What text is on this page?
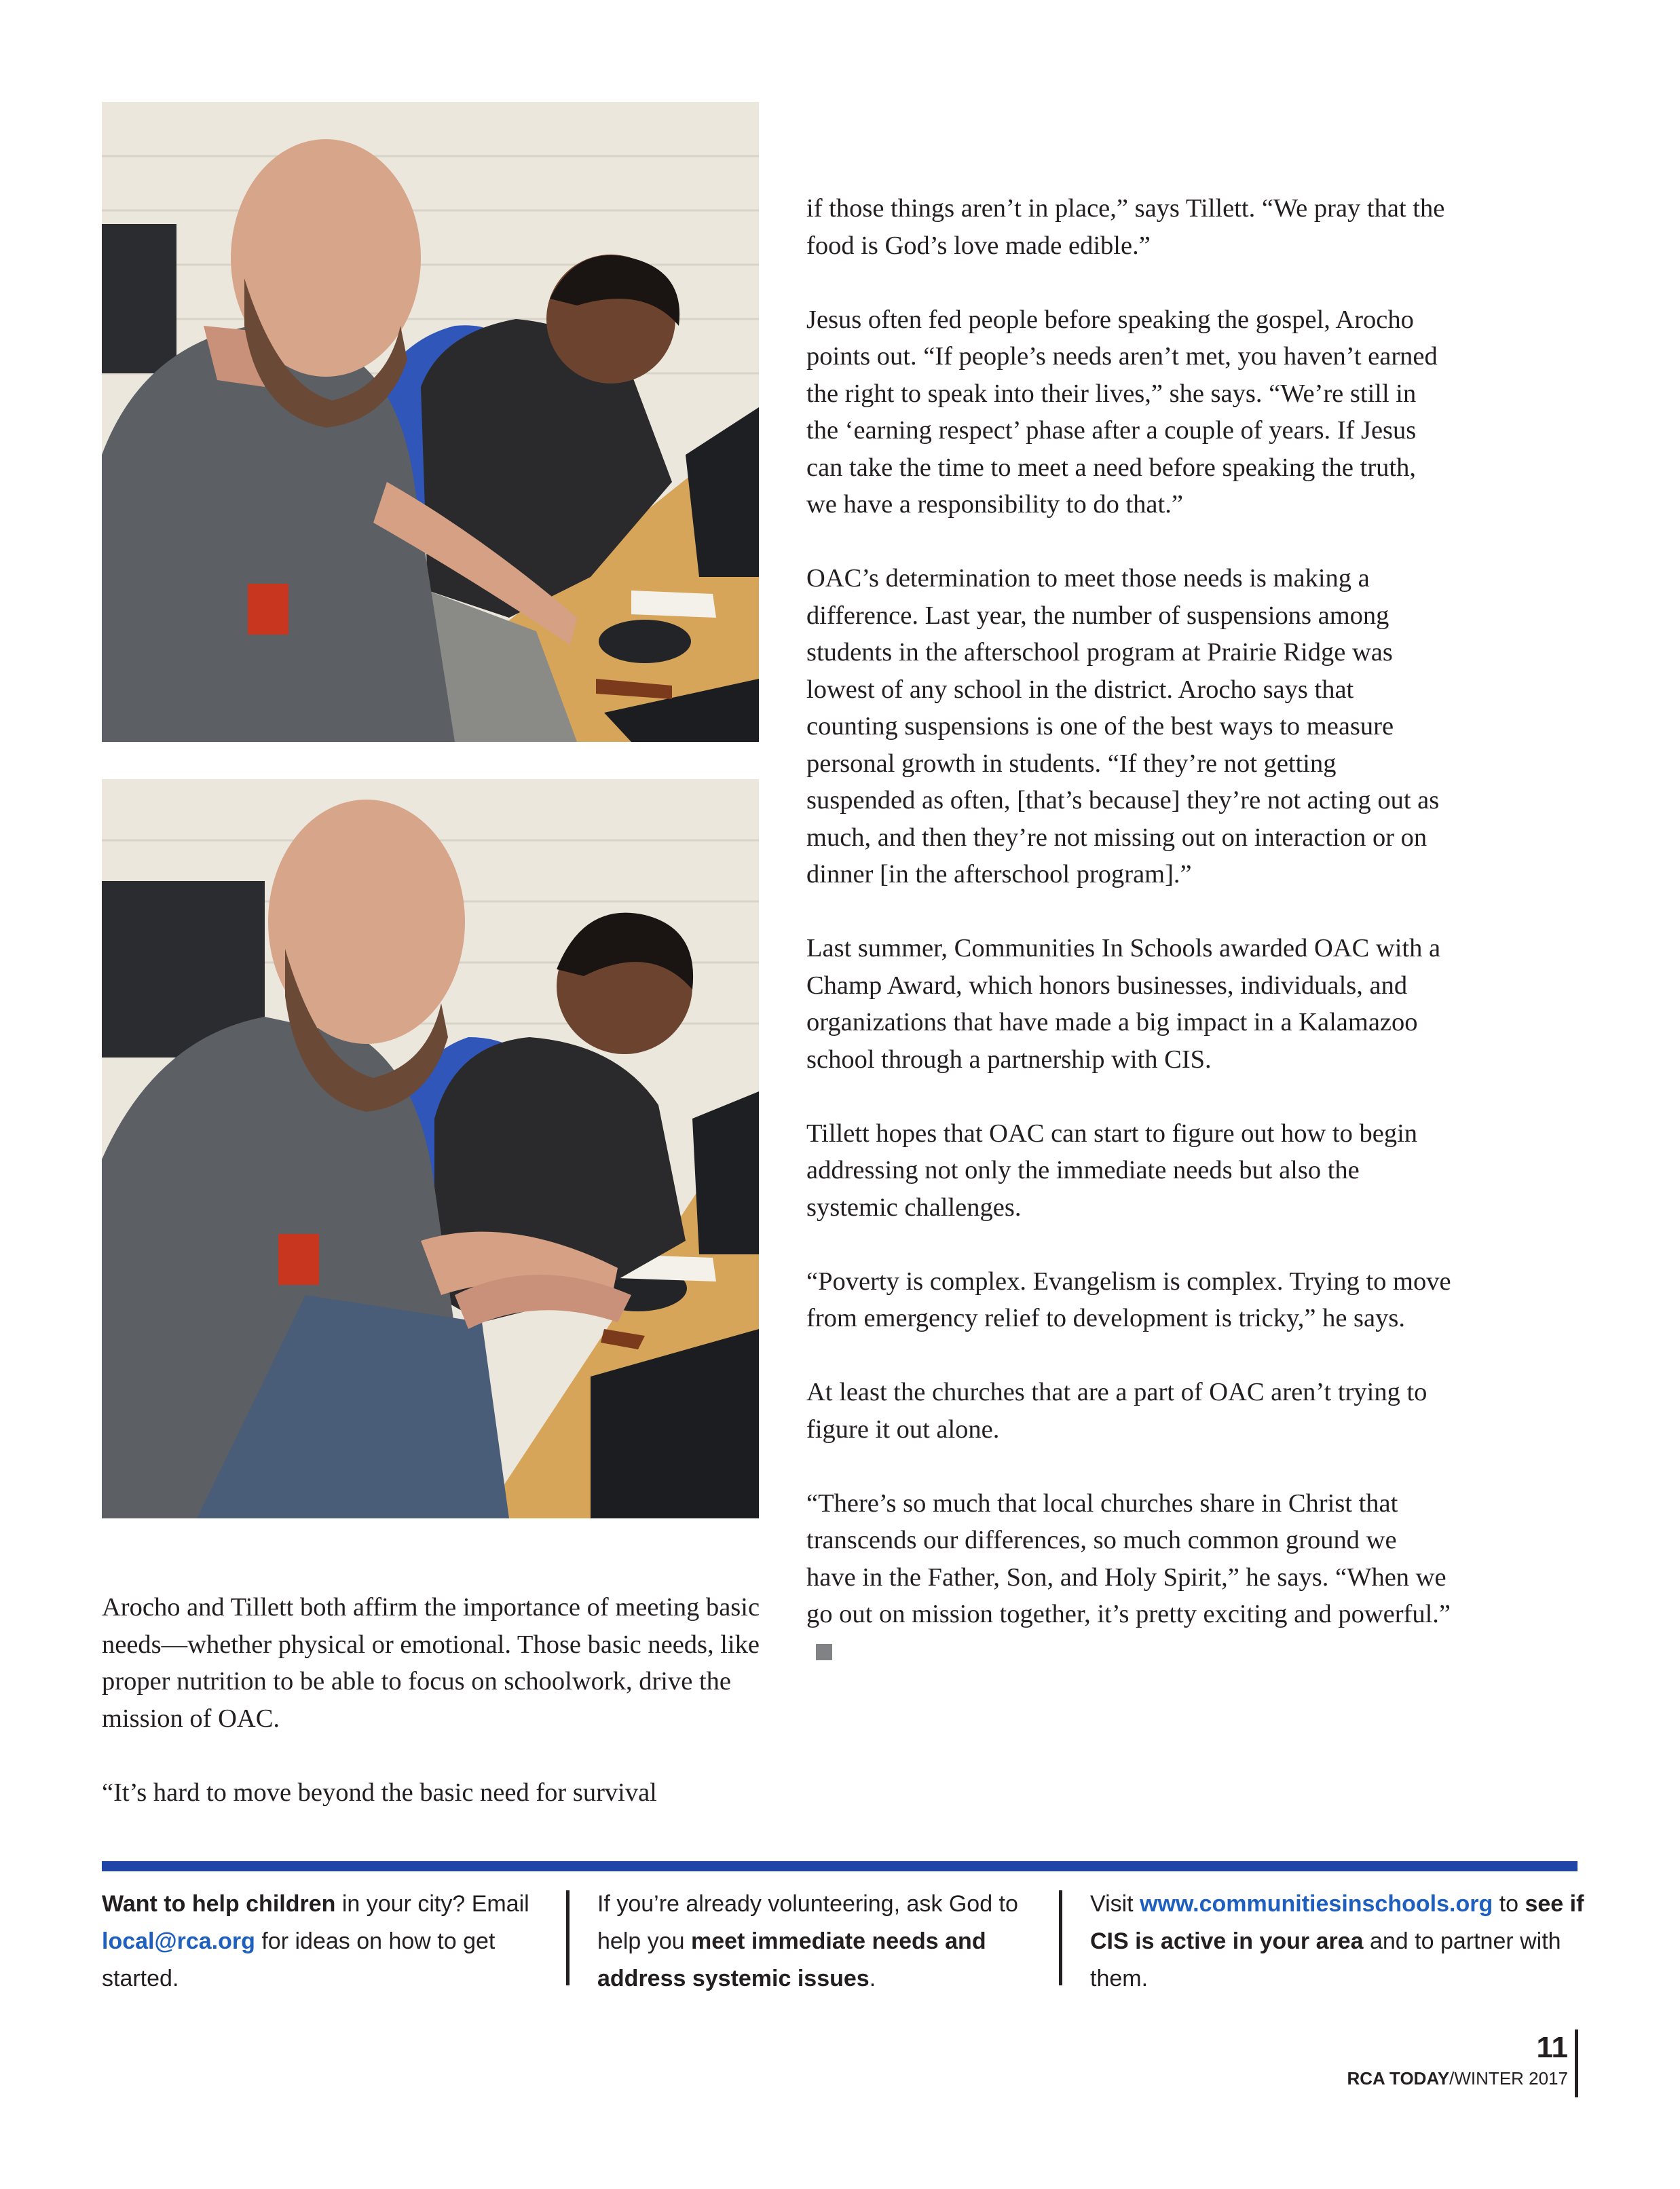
Arocho and Tillett both affirm the importance of meeting basic needs—whether physical or emotional. Those basic needs, like proper nutrition to be able to focus on schoolwork, drive the mission of OAC.

“It’s hard to move beyond the basic need for survival

if those things aren’t in place,” says Tillett. “We pray that the food is God’s love made edible.”

Jesus often fed people before speaking the gospel, Arocho points out. “If people’s needs aren’t met, you haven’t earned the right to speak into their lives,” she says. “We’re still in the ‘earning respect’ phase after a couple of years. If Jesus can take the time to meet a need before speaking the truth, we have a responsibility to do that.”

OAC’s determination to meet those needs is making a difference. Last year, the number of suspensions among students in the afterschool program at Prairie Ridge was lowest of any school in the district. Arocho says that counting suspensions is one of the best ways to measure personal growth in students. “If they’re not getting suspended as often, [that’s because] they’re not acting out as much, and then they’re not missing out on interaction or on dinner [in the afterschool program].”

Last summer, Communities In Schools awarded OAC with a Champ Award, which honors businesses, individuals, and organizations that have made a big impact in a Kalamazoo school through a partnership with CIS.

Tillett hopes that OAC can start to figure out how to begin addressing not only the immediate needs but also the systemic challenges.

“Poverty is complex. Evangelism is complex. Trying to move from emergency relief to development is tricky,” he says.

At least the churches that are a part of OAC aren’t trying to figure it out alone.

“There’s so much that local churches share in Christ that transcends our differences, so much common ground we have in the Father, Son, and Holy Spirit,” he says. “When we go out on mission together, it’s pretty exciting and powerful.”

Want to help children in your city? Email local@rca.org for ideas on how to get started.
If you’re already volunteering, ask God to help you meet immediate needs and address systemic issues.
Visit www.communitiesinschools.org to see if CIS is active in your area and to partner with them.
11
RCA TODAY/WINTER 2017
